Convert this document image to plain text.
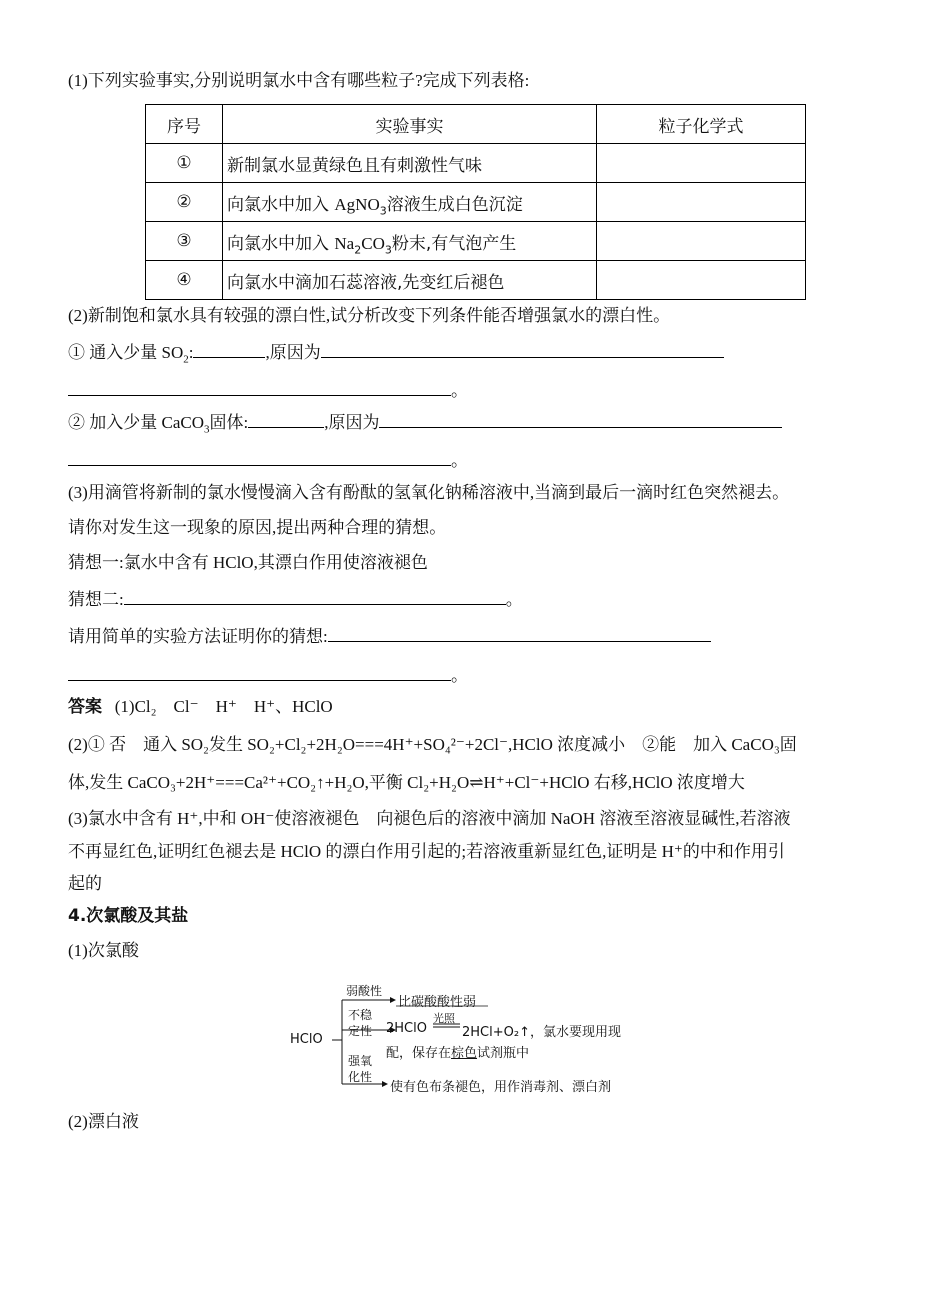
(1)下列实验事实,分别说明氯水中含有哪些粒子?完成下列表格:
序号	实验事实	粒子化学式
①	新制氯水显黄绿色且有刺激性气味	
②	向氯水中加入 AgNO$_3$溶液生成白色沉淀	
③	向氯水中加入 $Na_2CO_3$粉末,有气泡产生	
④	向氯水中滴加石蕊溶液,先变红后褪色	
(2)新制饱和氯水具有较强的漂白性,试分析改变下列条件能否增强氯水的漂白性。
① 通入少量 $SO_2$:	,原因为
。
② 加入少量 CaCO$_3$固体:	,原因为
。
(3)用滴管将新制的氯水慢慢滴入含有酚酞的氢氧化钠稀溶液中,当滴到最后一滴时红色突然褪去。
请你对发生这一现象的原因,提出两种合理的猜想。
猜想一:氯水中含有 HClO,其漂白作用使溶液褪色
猜想二:	。
请用简单的实验方法证明你的猜想:
。
答案 (1)Cl₂　Cl⁻　H⁺　H⁺、HClO
(2)① 否　通入 SO₂发生 SO₂+Cl₂+2H₂O===4H⁺+SO₄²⁻+2Cl⁻,HClO 浓度减小　②能　加入 CaCO₃固
体,发生 CaCO₃+2H⁺===Ca²⁺+CO₂↑+H₂O,平衡 Cl₂+H₂O⇌H⁺+Cl⁻+HClO 右移,HClO 浓度增大
(3)氯水中含有 H⁺,中和 OH⁻使溶液褪色　向褪色后的溶液中滴加 NaOH 溶液至溶液显碱性,若溶液
不再显红色,证明红色褪去是 HClO 的漂白作用引起的;若溶液重新显红色,证明是 H⁺的中和作用引
起的
4.次氯酸及其盐
(1)次氯酸
HClO
弱酸性
比碳酸酸性弱
不稳
定性 2HClO
光照
2HCl+O₂↑，氯水要现用现
配，保存在棕色试剂瓶中
强氧
化性
使有色布条褪色，用作消毒剂、漂白剂
(2)漂白液
